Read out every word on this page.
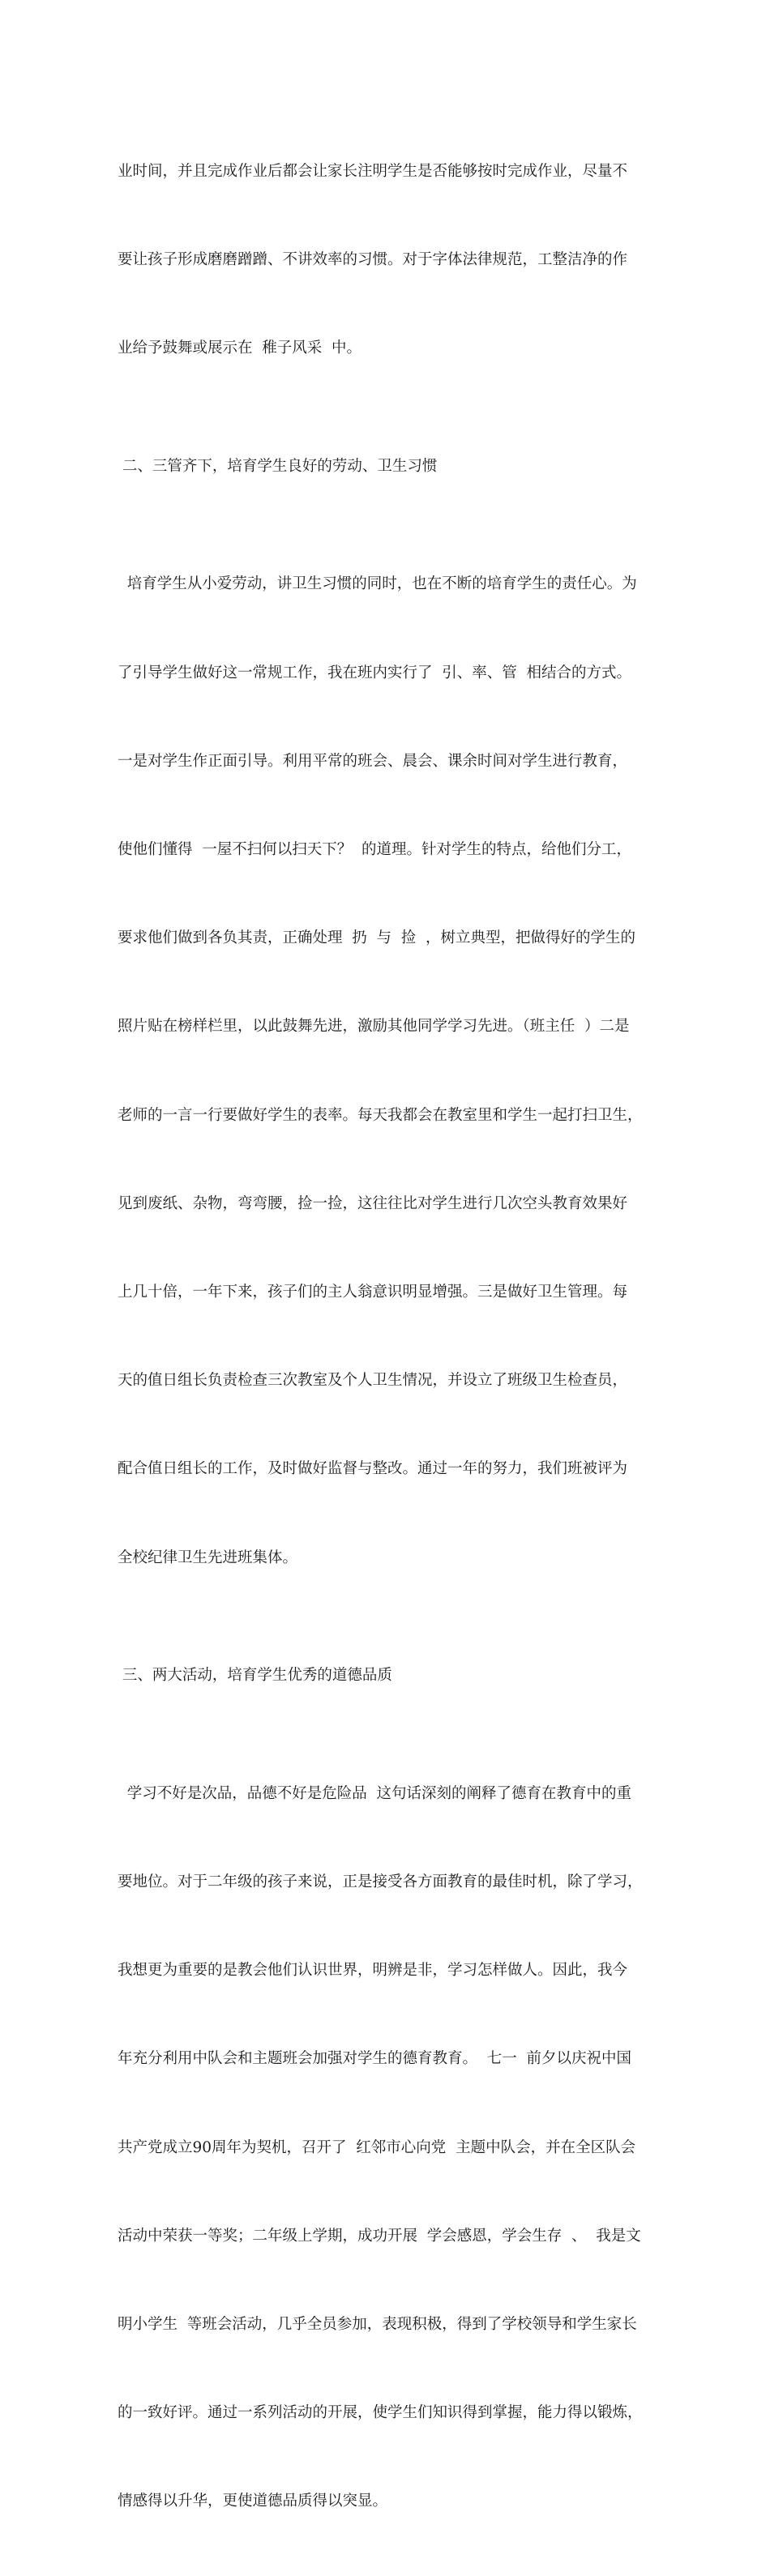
业时间，并且完成作业后都会让家长注明学生是否能够按时完成作业，尽量不

要让孩子形成磨磨蹭蹭、不讲效率的习惯。对于字体法律规范，工整洁净的作

业给予鼓舞或展示在  稚子风采  中。

二、三管齐下，培育学生良好的劳动、卫生习惯

培育学生从小爱劳动，讲卫生习惯的同时，也在不断的培育学生的责任心。为

了引导学生做好这一常规工作，我在班内实行了  引、率、管  相结合的方式。

一是对学生作正面引导。利用平常的班会、晨会、课余时间对学生进行教育，

使他们懂得  一屋不扫何以扫天下？  的道理。针对学生的特点，给他们分工，

要求他们做到各负其责，正确处理  扔  与  捡  ，树立典型，把做得好的学生的

照片贴在榜样栏里，以此鼓舞先进，激励其他同学学习先进。（班主任  ）二是

老师的一言一行要做好学生的表率。每天我都会在教室里和学生一起打扫卫生，

见到废纸、杂物，弯弯腰，捡一捡，这往往比对学生进行几次空头教育效果好

上几十倍，一年下来，孩子们的主人翁意识明显增强。三是做好卫生管理。每

天的值日组长负责检查三次教室及个人卫生情况，并设立了班级卫生检查员，

配合值日组长的工作，及时做好监督与整改。通过一年的努力，我们班被评为

全校纪律卫生先进班集体。

三、两大活动，培育学生优秀的道德品质

学习不好是次品，品德不好是危险品  这句话深刻的阐释了德育在教育中的重

要地位。对于二年级的孩子来说，正是接受各方面教育的最佳时机，除了学习，

我想更为重要的是教会他们认识世界，明辨是非，学习怎样做人。因此，我今

年充分利用中队会和主题班会加强对学生的德育教育。  七一  前夕以庆祝中国

共产党成立90周年为契机，召开了  红邻市心向党  主题中队会，并在全区队会

活动中荣获一等奖；二年级上学期，成功开展  学会感恩，学会生存  、  我是文

明小学生  等班会活动，几乎全员参加，表现积极，得到了学校领导和学生家长

的一致好评。通过一系列活动的开展，使学生们知识得到掌握，能力得以锻炼，

情感得以升华，更使道德品质得以突显。
